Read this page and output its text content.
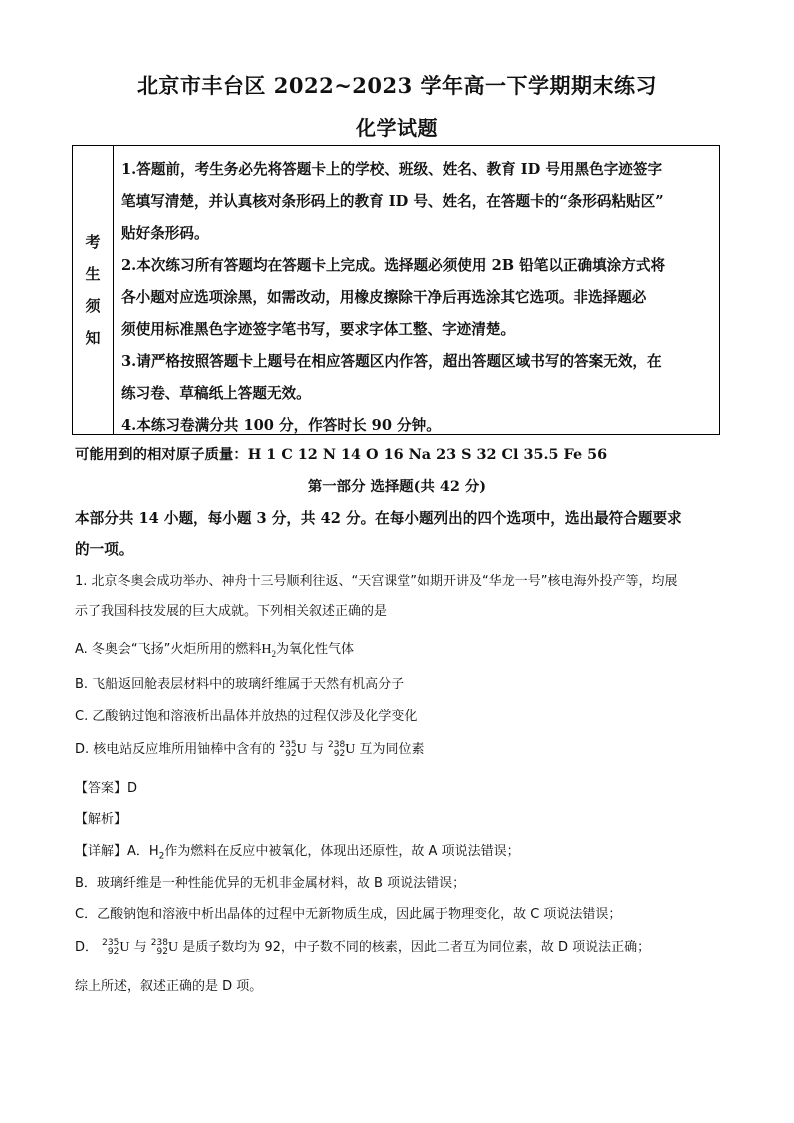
北京市丰台区 2022~2023 学年高一下学期期末练习
化学试题
考
生
须
知

1.答题前，考生务必先将答题卡上的学校、班级、姓名、教育 ID 号用黑色字迹签字

笔填写清楚，并认真核对条形码上的教育 ID 号、姓名，在答题卡的“条形码粘贴区”

贴好条形码。

2.本次练习所有答题均在答题卡上完成。选择题必须使用 2B 铅笔以正确填涂方式将

各小题对应选项涂黑，如需改动，用橡皮擦除干净后再选涂其它选项。非选择题必

须使用标准黑色字迹签字笔书写，要求字体工整、字迹清楚。

3.请严格按照答题卡上题号在相应答题区内作答，超出答题区域书写的答案无效，在

练习卷、草稿纸上答题无效。

4.本练习卷满分共 100 分，作答时长 90 分钟。

可能用到的相对原子质量：H 1 C 12 N 14 O 16 Na 23 S 32 Cl 35.5 Fe 56
第一部分 选择题(共 42 分)
本部分共 14 小题，每小题 3 分，共 42 分。在每小题列出的四个选项中，选出最符合题要求
的一项。
1. 北京冬奥会成功举办、神舟十三号顺利往返、“天宫课堂”如期开讲及“华龙一号”核电海外投产等，均展
示了我国科技发展的巨大成就。下列相关叙述正确的是
A. 冬奥会“飞扬”火炬所用的燃料$H_2$为氧化性气体
B. 飞船返回舱表层材料中的玻璃纤维属于天然有机高分子
C. 乙酸钠过饱和溶液析出晶体并放热的过程仅涉及化学变化
D. 核电站反应堆所用铀棒中含有的 235
92 U 与 238
92 U 互为同位素
【答案】D
【解析】
【详解】A．$H_2$作为燃料在反应中被氧化，体现出还原性，故 A 项说法错误；
B．玻璃纤维是一种性能优异的无机非金属材料，故 B 项说法错误；
C．乙酸钠饱和溶液中析出晶体的过程中无新物质生成，因此属于物理变化，故 C 项说法错误；
D． 235
92 U 与 238
92 U 是质子数均为 92，中子数不同的核素，因此二者互为同位素，故 D 项说法正确；
综上所述，叙述正确的是 D 项。
